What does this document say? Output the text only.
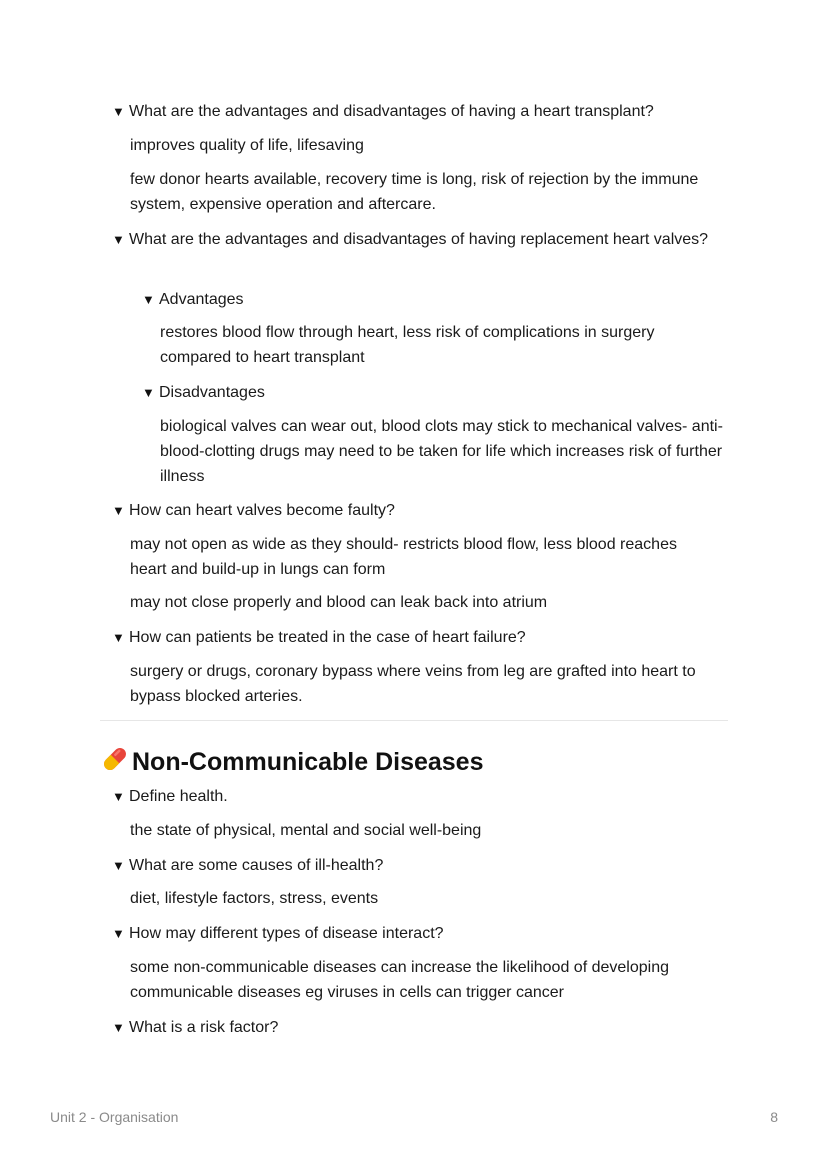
▼ What are the advantages and disadvantages of having a heart transplant?

improves quality of life, lifesaving

few donor hearts available, recovery time is long, risk of rejection by the immune system, expensive operation and aftercare.

▼ What are the advantages and disadvantages of having replacement heart valves?
▼ Advantages

restores blood flow through heart, less risk of complications in surgery compared to heart transplant

▼ Disadvantages

biological valves can wear out, blood clots may stick to mechanical valves- anti-blood-clotting drugs may need to be taken for life which increases risk of further illness

▼ How can heart valves become faulty?

may not open as wide as they should- restricts blood flow, less blood reaches heart and build-up in lungs can form

may not close properly and blood can leak back into atrium

▼ How can patients be treated in the case of heart failure?

surgery or drugs, coronary bypass where veins from leg are grafted into heart to bypass blocked arteries.

Non-Communicable Diseases
▼ Define health.

the state of physical, mental and social well-being

▼ What are some causes of ill-health?

diet, lifestyle factors, stress, events

▼ How may different types of disease interact?

some non-communicable diseases can increase the likelihood of developing communicable diseases eg viruses in cells can trigger cancer

▼ What is a risk factor?
Unit 2 - Organisation	8
